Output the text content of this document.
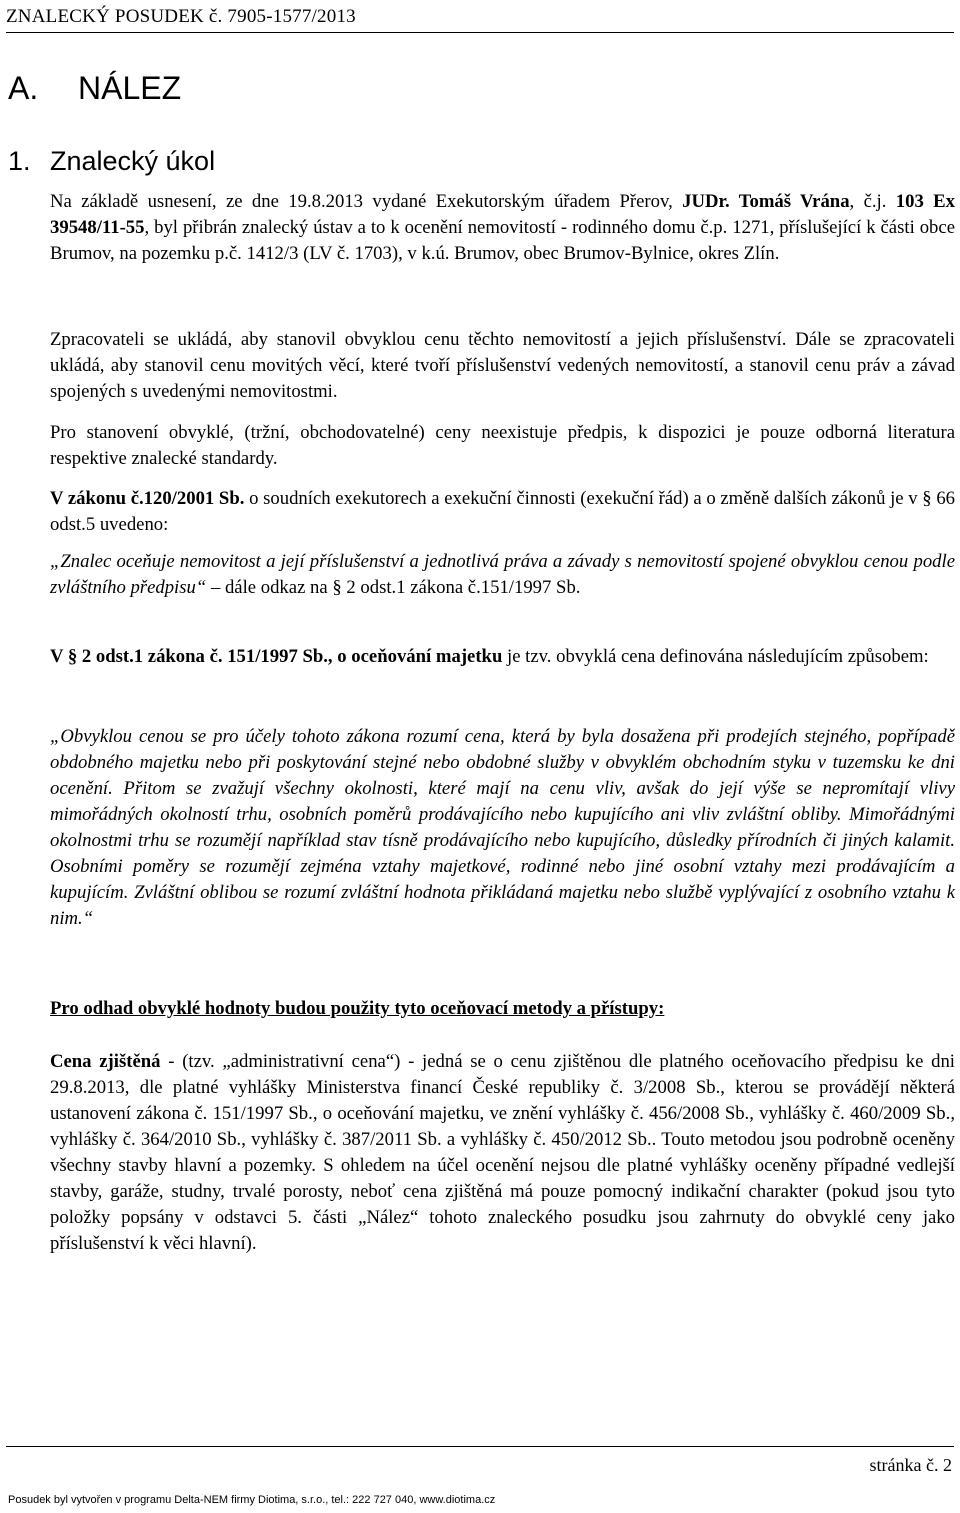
ZNALECKÝ POSUDEK č. 7905-1577/2013
A. NÁLEZ
1. Znalecký úkol

Na základě usnesení, ze dne 19.8.2013 vydané Exekutorským úřadem Přerov, JUDr. Tomáš Vrána, č.j. 103 Ex 39548/11-55, byl přibrán znalecký ústav a to k ocenění nemovitostí - rodinného domu č.p. 1271, příslušející k části obce Brumov, na pozemku p.č. 1412/3 (LV č. 1703), v k.ú. Brumov, obec Brumov-Bylnice, okres Zlín.

Zpracovateli se ukládá, aby stanovil obvyklou cenu těchto nemovitostí a jejich příslušenství. Dále se zpracovateli ukládá, aby stanovil cenu movitých věcí, které tvoří příslušenství vedených nemovitostí, a stanovil cenu práv a závad spojených s uvedenými nemovitostmi.

Pro stanovení obvyklé, (tržní, obchodovatelné) ceny neexistuje předpis, k dispozici je pouze odborná literatura respektive znalecké standardy.

V zákonu č.120/2001 Sb. o soudních exekutorech a exekuční činnosti (exekuční řád) a o změně dalších zákonů je v § 66 odst.5 uvedeno:

„Znalec oceňuje nemovitost a její příslušenství a jednotlivá práva a závady s nemovitostí spojené obvyklou cenou podle zvláštního předpisu“ – dále odkaz na § 2 odst.1 zákona č.151/1997 Sb.

V § 2 odst.1 zákona č. 151/1997 Sb., o oceňování majetku je tzv. obvyklá cena definována následujícím způsobem:

„Obvyklou cenou se pro účely tohoto zákona rozumí cena, která by byla dosažena při prodejích stejného, popřípadě obdobného majetku nebo při poskytování stejné nebo obdobné služby v obvyklém obchodním styku v tuzemsku ke dni ocenění. Přitom se zvažují všechny okolnosti, které mají na cenu vliv, avšak do její výše se nepromítají vlivy mimořádných okolností trhu, osobních poměrů prodávajícího nebo kupujícího ani vliv zvláštní obliby. Mimořádnými okolnostmi trhu se rozumějí například stav tísně prodávajícího nebo kupujícího, důsledky přírodních či jiných kalamit. Osobními poměry se rozumějí zejména vztahy majetkové, rodinné nebo jiné osobní vztahy mezi prodávajícím a kupujícím. Zvláštní oblibou se rozumí zvláštní hodnota přikládaná majetku nebo službě vyplývající z osobního vztahu k nim.“

Pro odhad obvyklé hodnoty budou použity tyto oceňovací metody a přístupy:

Cena zjištěná - (tzv. „administrativní cena“) - jedná se o cenu zjištěnou dle platného oceňovacího předpisu ke dni 29.8.2013, dle platné vyhlášky Ministerstva financí České republiky č. 3/2008 Sb., kterou se provádějí některá ustanovení zákona č. 151/1997 Sb., o oceňování majetku, ve znění vyhlášky č. 456/2008 Sb., vyhlášky č. 460/2009 Sb., vyhlášky č. 364/2010 Sb., vyhlášky č. 387/2011 Sb. a vyhlášky č. 450/2012 Sb.. Touto metodou jsou podrobně oceněny všechny stavby hlavní a pozemky. S ohledem na účel ocenění nejsou dle platné vyhlášky oceněny případné vedlejší stavby, garáže, studny, trvalé porosty, neboť cena zjištěná má pouze pomocný indikační charakter (pokud jsou tyto položky popsány v odstavci 5. části „Nález“ tohoto znaleckého posudku jsou zahrnuty do obvyklé ceny jako příslušenství k věci hlavní).

stránka č. 2
Posudek byl vytvořen v programu Delta-NEM firmy Diotima, s.r.o., tel.: 222 727 040, www.diotima.cz
